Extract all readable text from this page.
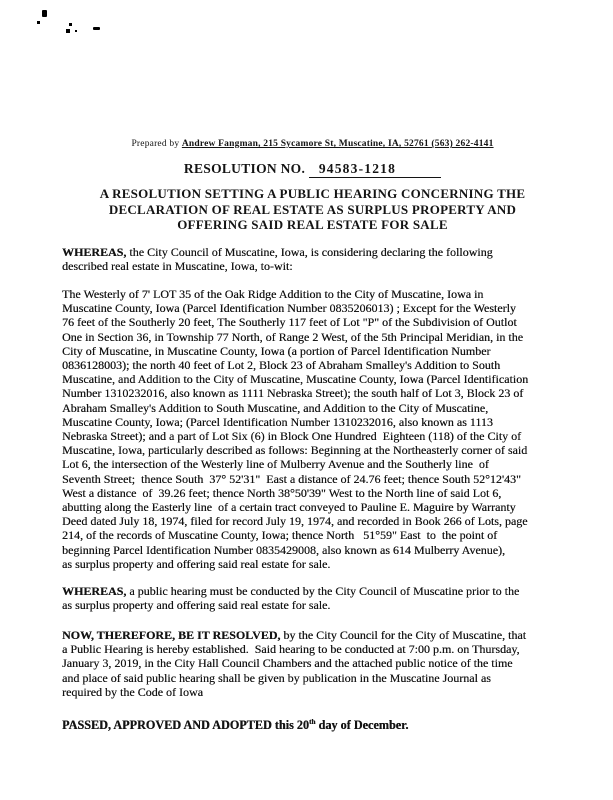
Prepared by Andrew Fangman, 215 Sycamore St, Muscatine, IA, 52761 (563) 262-4141
RESOLUTION NO. 94583-1218
A RESOLUTION SETTING A PUBLIC HEARING CONCERNING THE
DECLARATION OF REAL ESTATE AS SURPLUS PROPERTY AND
OFFERING SAID REAL ESTATE FOR SALE
WHEREAS, the City Council of Muscatine, Iowa, is considering declaring the following
described real estate in Muscatine, Iowa, to-wit:
The Westerly of 7' LOT 35 of the Oak Ridge Addition to the City of Muscatine, Iowa in
Muscatine County, Iowa (Parcel Identification Number 0835206013) ; Except for the Westerly
76 feet of the Southerly 20 feet, The Southerly 117 feet of Lot "P" of the Subdivision of Outlot
One in Section 36, in Township 77 North, of Range 2 West, of the 5th Principal Meridian, in the
City of Muscatine, in Muscatine County, Iowa (a portion of Parcel Identification Number
0836128003); the north 40 feet of Lot 2, Block 23 of Abraham Smalley's Addition to South
Muscatine, and Addition to the City of Muscatine, Muscatine County, Iowa (Parcel Identification
Number 1310232016, also known as 1111 Nebraska Street); the south half of Lot 3, Block 23 of
Abraham Smalley's Addition to South Muscatine, and Addition to the City of Muscatine,
Muscatine County, Iowa; (Parcel Identification Number 1310232016, also known as 1113
Nebraska Street); and a part of Lot Six (6) in Block One Hundred  Eighteen (118) of the City of
Muscatine, Iowa, particularly described as follows: Beginning at the Northeasterly corner of said
Lot 6, the intersection of the Westerly line of Mulberry Avenue and the Southerly line  of
Seventh Street;  thence South  37° 52'31"  East a distance of 24.76 feet; thence South 52°12'43"
West a distance  of  39.26 feet; thence North 38°50'39" West to the North line of said Lot 6,
abutting along the Easterly line  of a certain tract conveyed to Pauline E. Maguire by Warranty
Deed dated July 18, 1974, filed for record July 19, 1974, and recorded in Book 266 of Lots, page
214, of the records of Muscatine County, Iowa; thence North   51°59" East  to  the point of
beginning Parcel Identification Number 0835429008, also known as 614 Mulberry Avenue),
as surplus property and offering said real estate for sale.
WHEREAS, a public hearing must be conducted by the City Council of Muscatine prior to the
as surplus property and offering said real estate for sale.
NOW, THEREFORE, BE IT RESOLVED, by the City Council for the City of Muscatine, that
a Public Hearing is hereby established.  Said hearing to be conducted at 7:00 p.m. on Thursday,
January 3, 2019, in the City Hall Council Chambers and the attached public notice of the time
and place of said public hearing shall be given by publication in the Muscatine Journal as
required by the Code of Iowa
PASSED, APPROVED AND ADOPTED this 20th day of December.
